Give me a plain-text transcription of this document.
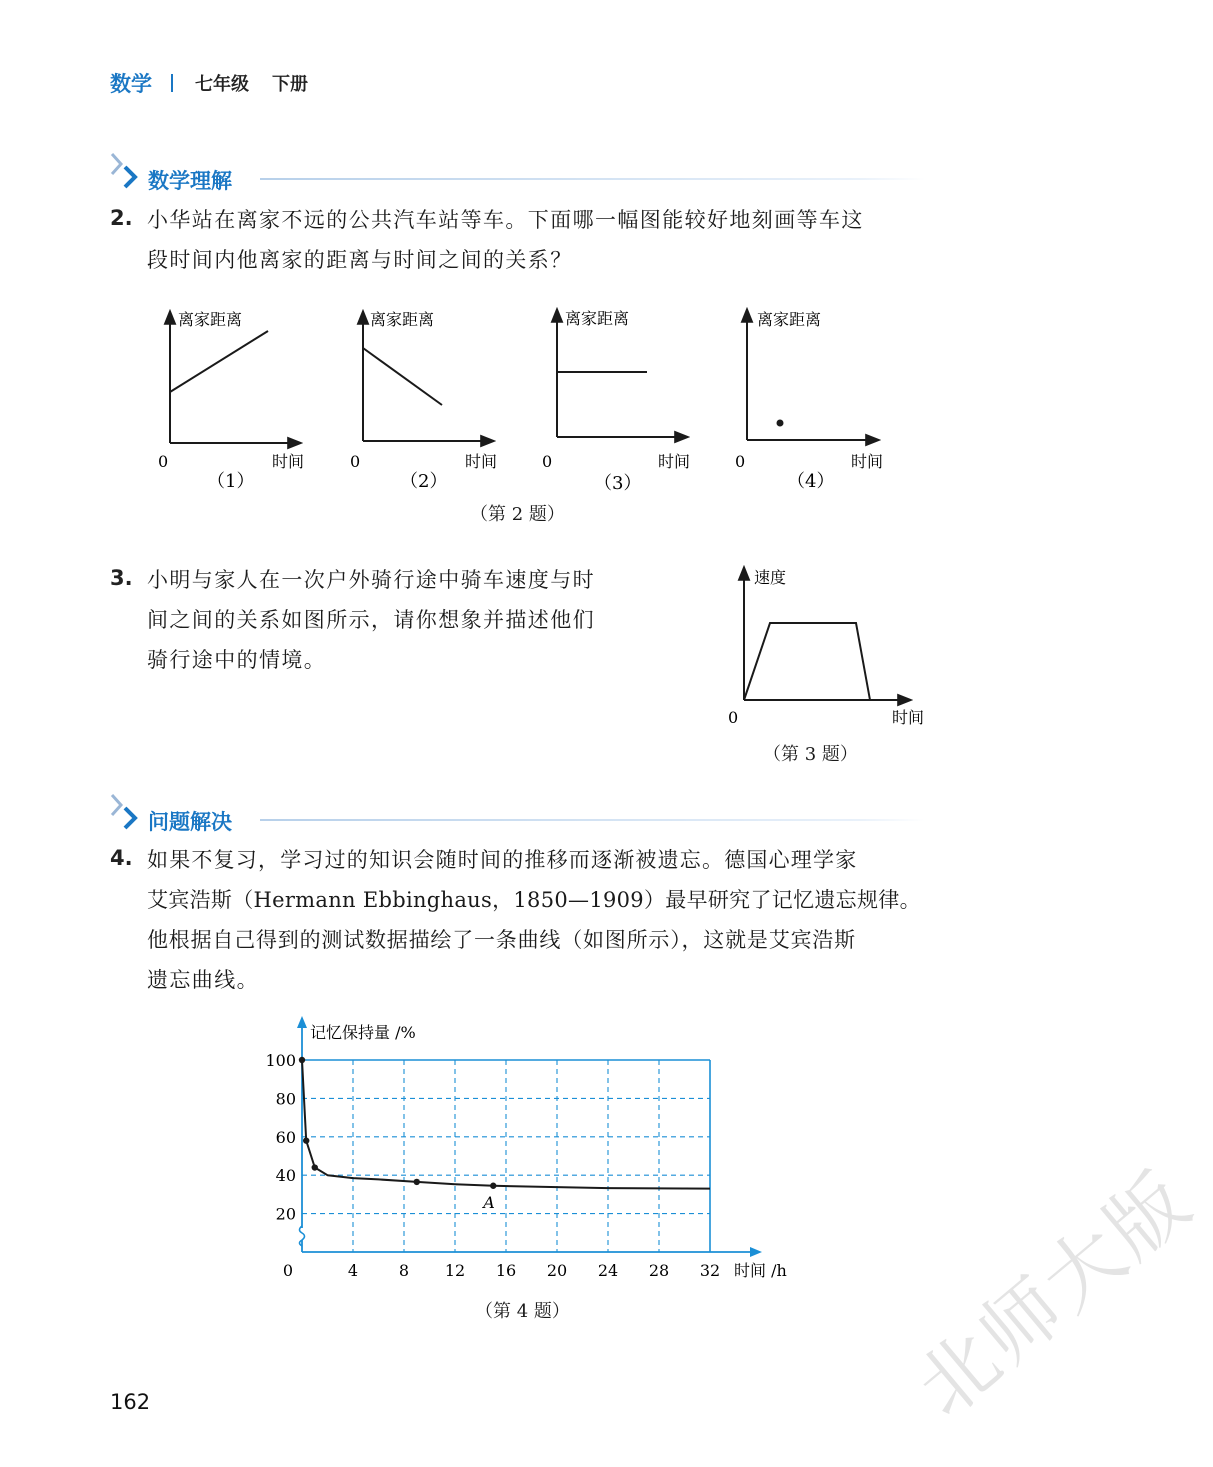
数学 七年级 下册
数学理解
2. 小华站在离家不远的公共汽车站等车。下面哪一幅图能较好地刻画等车这
段时间内他离家的距离与时间之间的关系？
离家距离
0	时间
（1）
离家距离
0	时间
（2）
离家距离
0	时间
（3）
离家距离
0	时间
（4）
（第 2 题）
3. 小明与家人在一次户外骑行途中骑车速度与时
间之间的关系如图所示，请你想象并描述他们
骑行途中的情境。
速度
0	时间
（第 3 题）
问题解决
4. 如果不复习，学习过的知识会随时间的推移而逐渐被遗忘。德国心理学家
艾宾浩斯（Hermann Ebbinghaus，1850—1909）最早研究了记忆遗忘规律。
他根据自己得到的测试数据描绘了一条曲线（如图所示），这就是艾宾浩斯
遗忘曲线。
A
4	8 12 16 20 24 28 32
20
40
60
80
100
0
记忆保持量 /%
时间 /h
（第 4 题）
162	北师大版
